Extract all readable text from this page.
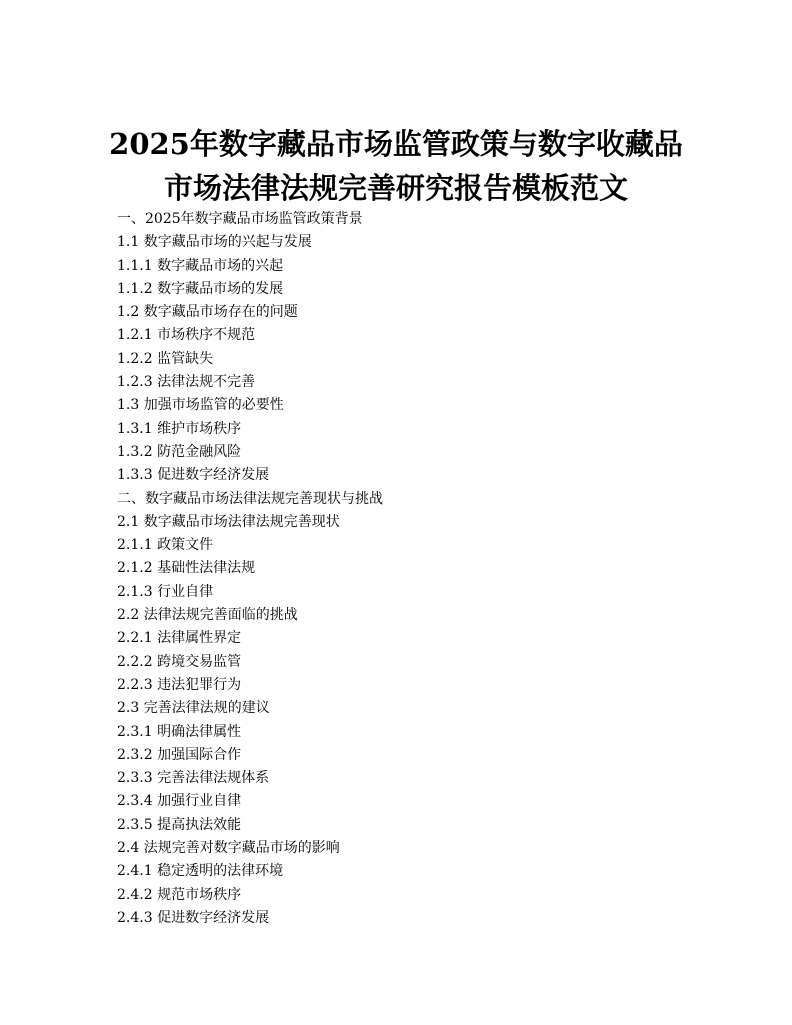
2025年数字藏品市场监管政策与数字收藏品
市场法律法规完善研究报告模板范文
一、2025年数字藏品市场监管政策背景
1.1 数字藏品市场的兴起与发展
1.1.1 数字藏品市场的兴起
1.1.2 数字藏品市场的发展
1.2 数字藏品市场存在的问题
1.2.1 市场秩序不规范
1.2.2 监管缺失
1.2.3 法律法规不完善
1.3 加强市场监管的必要性
1.3.1 维护市场秩序
1.3.2 防范金融风险
1.3.3 促进数字经济发展
二、数字藏品市场法律法规完善现状与挑战
2.1 数字藏品市场法律法规完善现状
2.1.1 政策文件
2.1.2 基础性法律法规
2.1.3 行业自律
2.2 法律法规完善面临的挑战
2.2.1 法律属性界定
2.2.2 跨境交易监管
2.2.3 违法犯罪行为
2.3 完善法律法规的建议
2.3.1 明确法律属性
2.3.2 加强国际合作
2.3.3 完善法律法规体系
2.3.4 加强行业自律
2.3.5 提高执法效能
2.4 法规完善对数字藏品市场的影响
2.4.1 稳定透明的法律环境
2.4.2 规范市场秩序
2.4.3 促进数字经济发展
